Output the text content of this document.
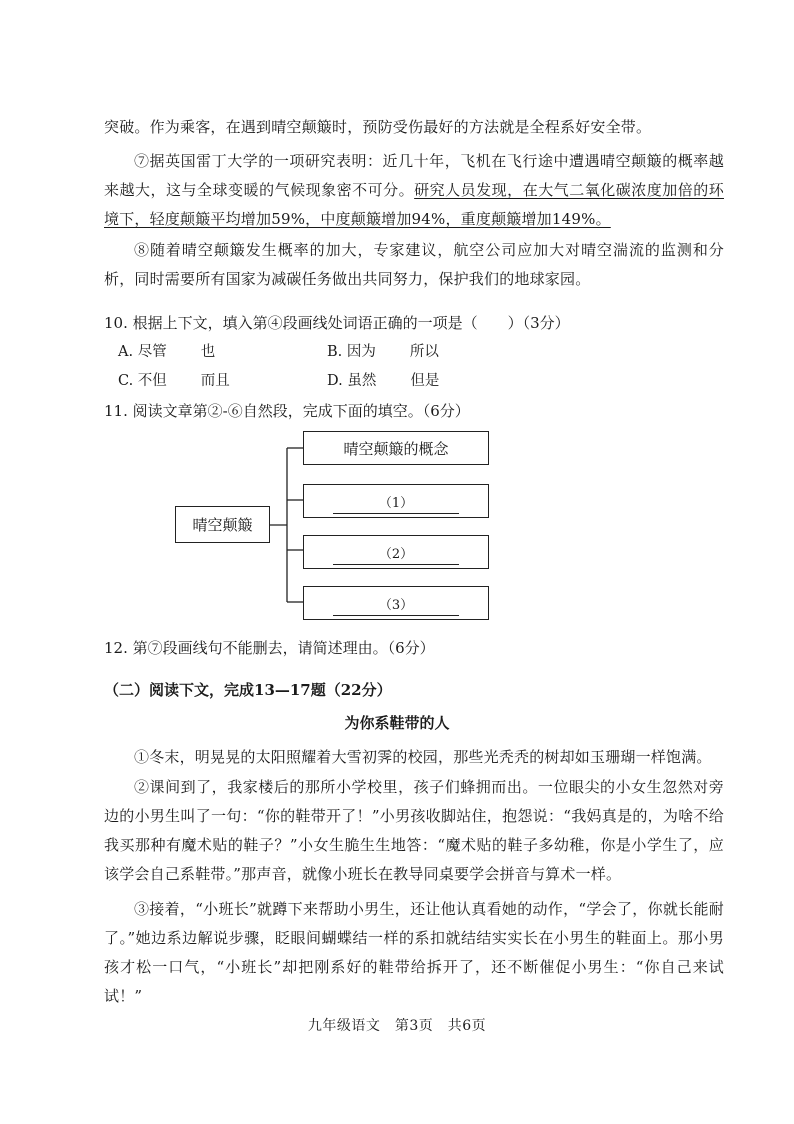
突破。作为乘客，在遇到晴空颠簸时，预防受伤最好的方法就是全程系好安全带。

⑦据英国雷丁大学的一项研究表明：近几十年，飞机在飞行途中遭遇晴空颠簸的概率越来越大，这与全球变暖的气候现象密不可分。研究人员发现，在大气二氧化碳浓度加倍的环境下，轻度颠簸平均增加59%，中度颠簸增加94%，重度颠簸增加149%。

⑧随着晴空颠簸发生概率的加大，专家建议，航空公司应加大对晴空湍流的监测和分析，同时需要所有国家为减碳任务做出共同努力，保护我们的地球家园。

10. 根据上下文，填入第④段画线处词语正确的一项是（　　）（3分）

A. 尽管 也	B. 因为 所以
C. 不但 而且	D. 虽然 但是

11. 阅读文章第②-⑥自然段，完成下面的填空。（6分）

晴空颠簸
晴空颠簸的概念
（1）
（2）
（3）

12. 第⑦段画线句不能删去，请简述理由。（6分）

（二）阅读下文，完成13—17题（22分）

为你系鞋带的人

①冬末，明晃晃的太阳照耀着大雪初霁的校园，那些光秃秃的树却如玉珊瑚一样饱满。

②课间到了，我家楼后的那所小学校里，孩子们蜂拥而出。一位眼尖的小女生忽然对旁边的小男生叫了一句：“你的鞋带开了！”小男孩收脚站住，抱怨说：“我妈真是的，为啥不给我买那种有魔术贴的鞋子？”小女生脆生生地答：“魔术贴的鞋子多幼稚，你是小学生了，应该学会自己系鞋带。”那声音，就像小班长在教导同桌要学会拼音与算术一样。

③接着，“小班长”就蹲下来帮助小男生，还让他认真看她的动作，“学会了，你就长能耐了。”她边系边解说步骤，眨眼间蝴蝶结一样的系扣就结结实实长在小男生的鞋面上。那小男孩才松一口气，“小班长”却把刚系好的鞋带给拆开了，还不断催促小男生：“你自己来试试！”

九年级语文　第3页　共6页
